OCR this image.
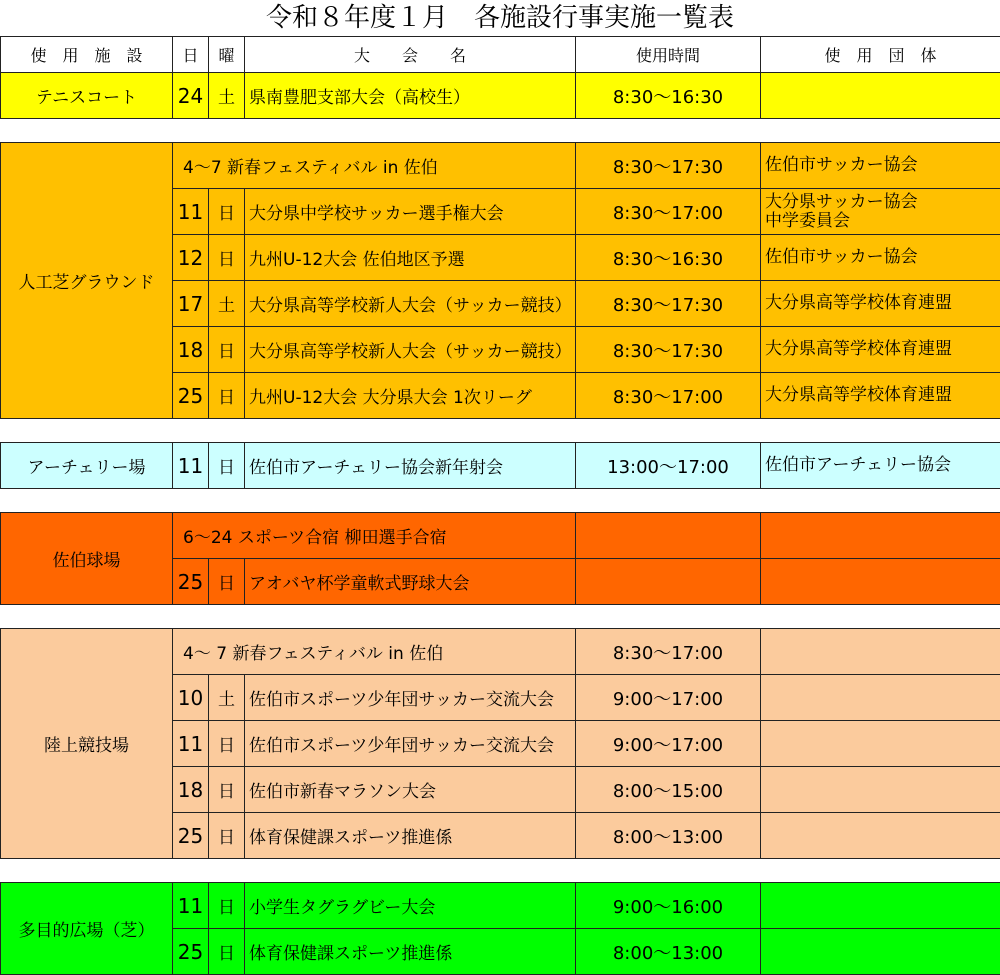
令和８年度１月　各施設行事実施一覧表
使　用　施　設	日	曜	大　　会　　名	使用時間	使　用　団　体
テニスコート	24	土	県南豊肥支部大会（高校生）	8:30～16:30	

人工芝グラウンド	4～7 新春フェスティバル in 佐伯			8:30～17:30	佐伯市サッカー協会
	11	日	大分県中学校サッカー選手権大会	8:30～17:00	大分県サッカー協会
中学委員会
	12	日	九州U-12大会 佐伯地区予選	8:30～16:30	佐伯市サッカー協会
	17	土	大分県高等学校新人大会（サッカー競技）	8:30～17:30	大分県高等学校体育連盟
	18	日	大分県高等学校新人大会（サッカー競技）	8:30～17:30	大分県高等学校体育連盟
	25	日	九州U-12大会 大分県大会 1次リーグ	8:30～17:00	大分県高等学校体育連盟

アーチェリー場	11	日	佐伯市アーチェリー協会新年射会	13:00～17:00	佐伯市アーチェリー協会

佐伯球場	6～24 スポーツ合宿 柳田選手合宿				
	25	日	アオバヤ杯学童軟式野球大会		

陸上競技場	4～ 7 新春フェスティバル in 佐伯			8:30～17:00	
	10	土	佐伯市スポーツ少年団サッカー交流大会	9:00～17:00	
	11	日	佐伯市スポーツ少年団サッカー交流大会	9:00～17:00	
	18	日	佐伯市新春マラソン大会	8:00～15:00	
	25	日	体育保健課スポーツ推進係	8:00～13:00	

多目的広場（芝）	11	日	小学生タグラグビー大会	9:00～16:00	
	25	日	体育保健課スポーツ推進係	8:00～13:00	
